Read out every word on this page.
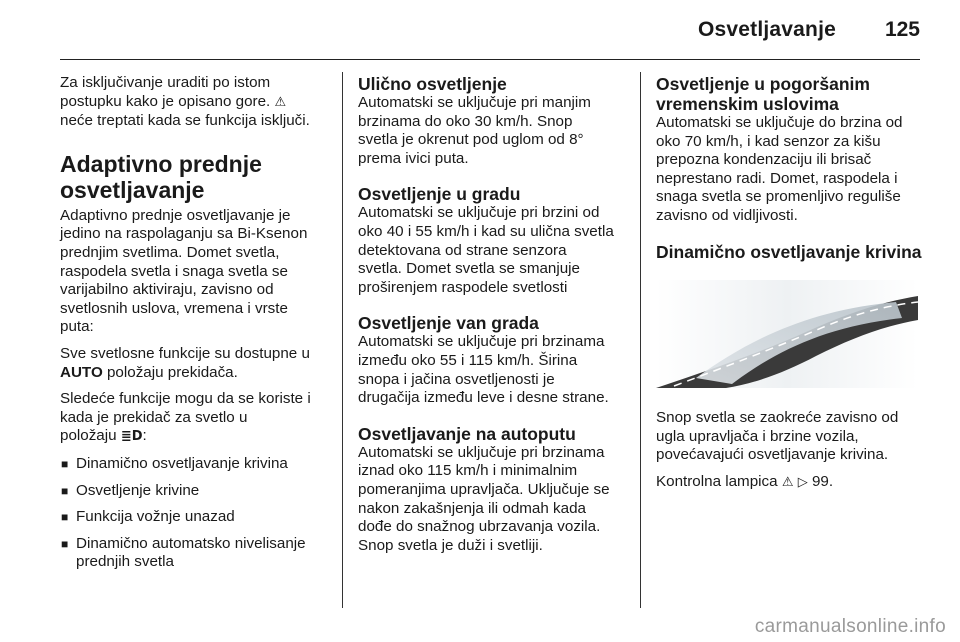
Osvetljavanje 125

Za isključivanje uraditi po istom
postupku kako je opisano gore. ⚠
neće treptati kada se funkcija isključi.

Adaptivno prednje
osvetljavanje

Adaptivno prednje osvetljavanje je
jedino na raspolaganju sa Bi-Ksenon
prednjim svetlima. Domet svetla,
raspodela svetla i snaga svetla se
varijabilno aktiviraju, zavisno od
svetlosnih uslova, vremena i vrste
puta:

Sve svetlosne funkcije su dostupne u
AUTO položaju prekidača.

Sledeće funkcije mogu da se koriste i
kada je prekidač za svetlo u
položaju ≣D:

■ Dinamično osvetljavanje krivina
■ Osvetljenje krivine
■ Funkcija vožnje unazad
■ Dinamično automatsko nivelisanje
prednjih svetla
Ulično osvetljenje
Automatski se uključuje pri manjim
brzinama do oko 30 km/h. Snop
svetla je okrenut pod uglom od 8°
prema ivici puta.
Osvetljenje u gradu
Automatski se uključuje pri brzini od
oko 40 i 55 km/h i kad su ulična svetla
detektovana od strane senzora
svetla. Domet svetla se smanjuje
proširenjem raspodele svetlosti
Osvetljenje van grada
Automatski se uključuje pri brzinama
između oko 55 i 115 km/h. Širina
snopa i jačina osvetljenosti je
drugačija između leve i desne strane.
Osvetljavanje na autoputu
Automatski se uključuje pri brzinama
iznad oko 115 km/h i minimalnim
pomeranjima upravljača. Uključuje se
nakon zakašnjenja ili odmah kada
dođe do snažnog ubrzavanja vozila.
Snop svetla je duži i svetliji.
Osvetljenje u pogoršanim
vremenskim uslovima
Automatski se uključuje do brzina od
oko 70 km/h, i kad senzor za kišu
prepozna kondenzaciju ili brisač
neprestano radi. Domet, raspodela i
snaga svetla se promenljivo reguliše
zavisno od vidljivosti.
Dinamično osvetljavanje krivina

Snop svetla se zaokreće zavisno od
ugla upravljača i brzine vozila,
povećavajući osvetljavanje krivina.

Kontrolna lampica ⚠ ▷ 99.

carmanualsonline.info
